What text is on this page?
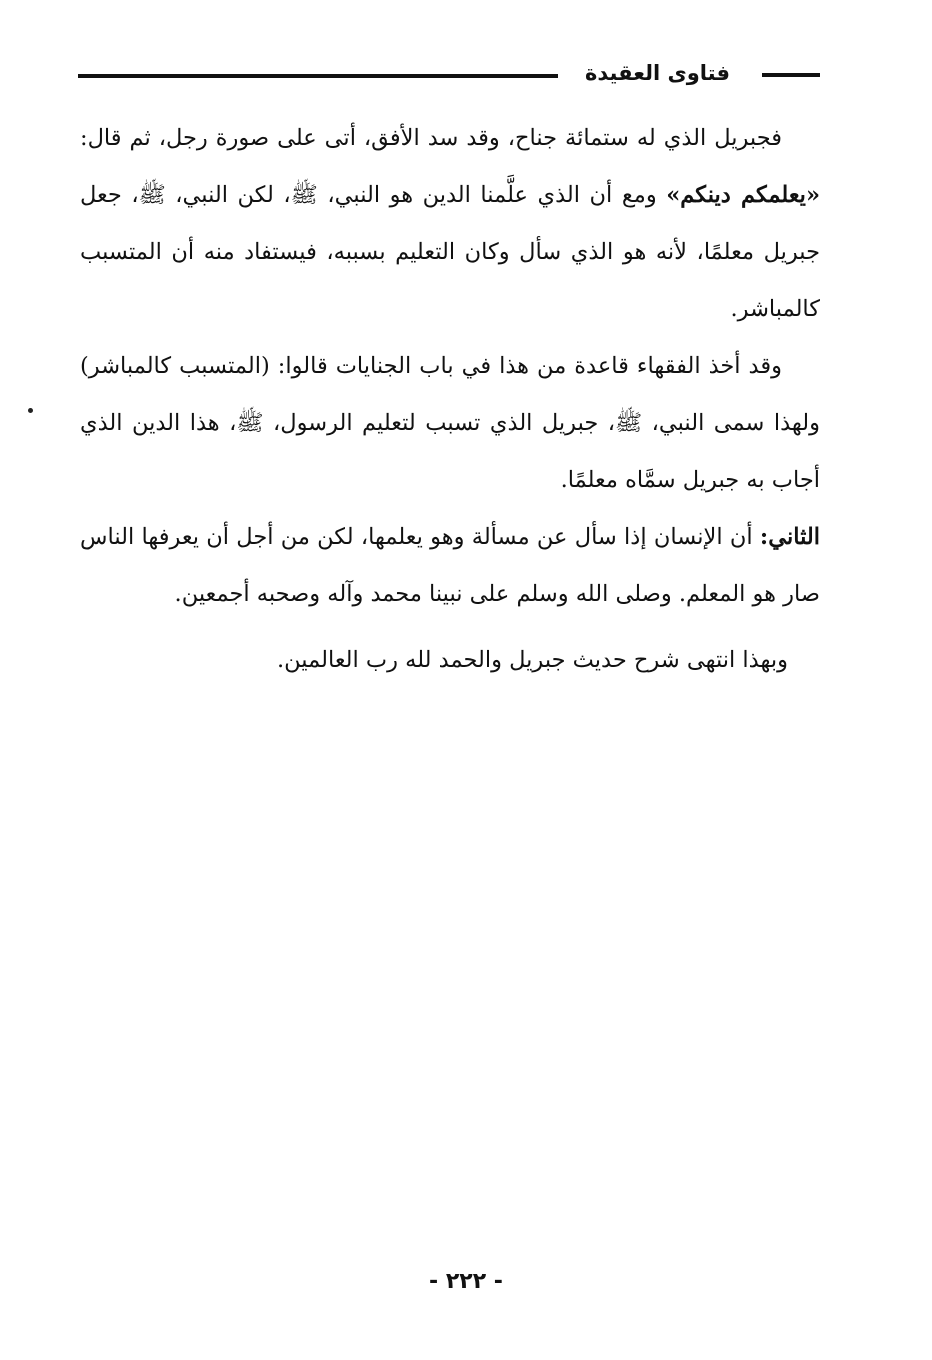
فتاوى العقيدة

فجبريل الذي له ستمائة جناح، وقد سد الأفق، أتى على صورة رجل، ثم قال: «يعلمكم دينكم» ومع أن الذي علَّمنا الدين هو النبي، ﷺ، لكن النبي، ﷺ، جعل جبريل معلمًا، لأنه هو الذي سأل وكان التعليم بسببه، فيستفاد منه أن المتسبب كالمباشر.

وقد أخذ الفقهاء قاعدة من هذا في باب الجنايات قالوا: (المتسبب كالمباشر) ولهذا سمى النبي، ﷺ، جبريل الذي تسبب لتعليم الرسول، ﷺ، هذا الدين الذي أجاب به جبريل سمَّاه معلمًا.

الثاني: أن الإنسان إذا سأل عن مسألة وهو يعلمها، لكن من أجل أن يعرفها الناس صار هو المعلم. وصلى الله وسلم على نبينا محمد وآله وصحبه أجمعين.

وبهذا انتهى شرح حديث جبريل والحمد لله رب العالمين.
- ٢٢٢ -
